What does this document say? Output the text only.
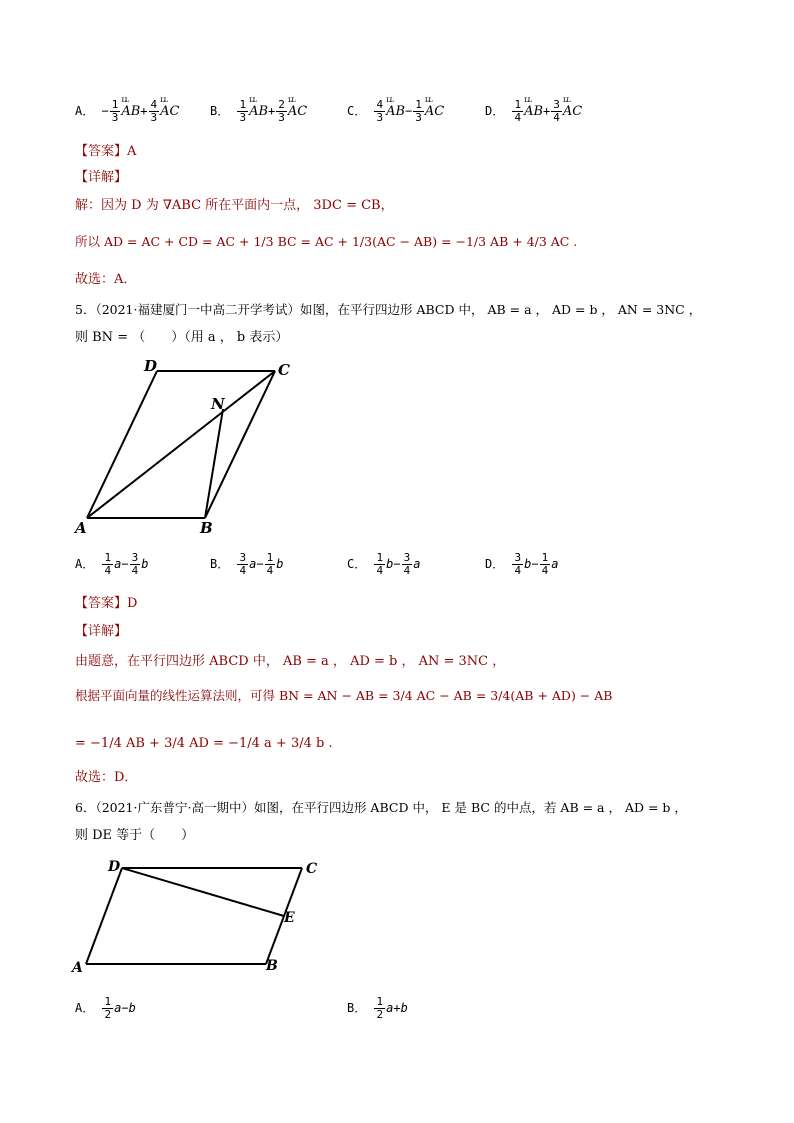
A． − $\frac{1}{3}$ ʟʟ $AB+ \frac{4}{3}$ ʟʟ AC	B． $\frac{1}{3}$ ʟʟ $AB+ \frac{2}{3}$ ʟʟ AC	C． $\frac{4}{3}$ ʟʟ $AB- \frac{1}{3}$ ʟʟ AC	D． $\frac{1}{4}$ ʟʟ $AB+ \frac{3}{4}$ ʟʟ AC
【答案】A
【详解】
解：因为 D 为 ∇ABC 所在平面内一点， 3DC = CB，
所以 AD = AC + CD = AC + 1/3 BC = AC + 1/3(AC − AB) = −1/3 AB + 4/3 AC .
故选：A．
5．（2021·福建厦门一中高二开学考试）如图，在平行四边形 ABCD 中， AB = a ， AD = b ， AN = 3NC ，
则 BN = （　　）（用 a ， b 表示）
A	B
C
D
N
A． $\frac{1}{4} a- \frac{3}{4}$ b	B． $\frac{3}{4} a- \frac{1}{4}$ b	C． $\frac{1}{4} b- \frac{3}{4}$ a	D． $\frac{3}{4} b- \frac{1}{4}$ a
【答案】D
【详解】
由题意，在平行四边形 ABCD 中， AB = a ， AD = b ， AN = 3NC ，
根据平面向量的线性运算法则，可得 BN = AN − AB = 3/4 AC − AB = 3/4(AB + AD) − AB
= −1/4 AB + 3/4 AD = −1/4 a + 3/4 b .
故选：D．
6．（2021·广东普宁·高一期中）如图，在平行四边形 ABCD 中， E 是 BC 的中点，若 AB = a ， AD = b ，
则 DE 等于（　　）
A	B
C
D
E
A． $\frac{1}{2} a-b$	B． $\frac{1}{2} a+b$
